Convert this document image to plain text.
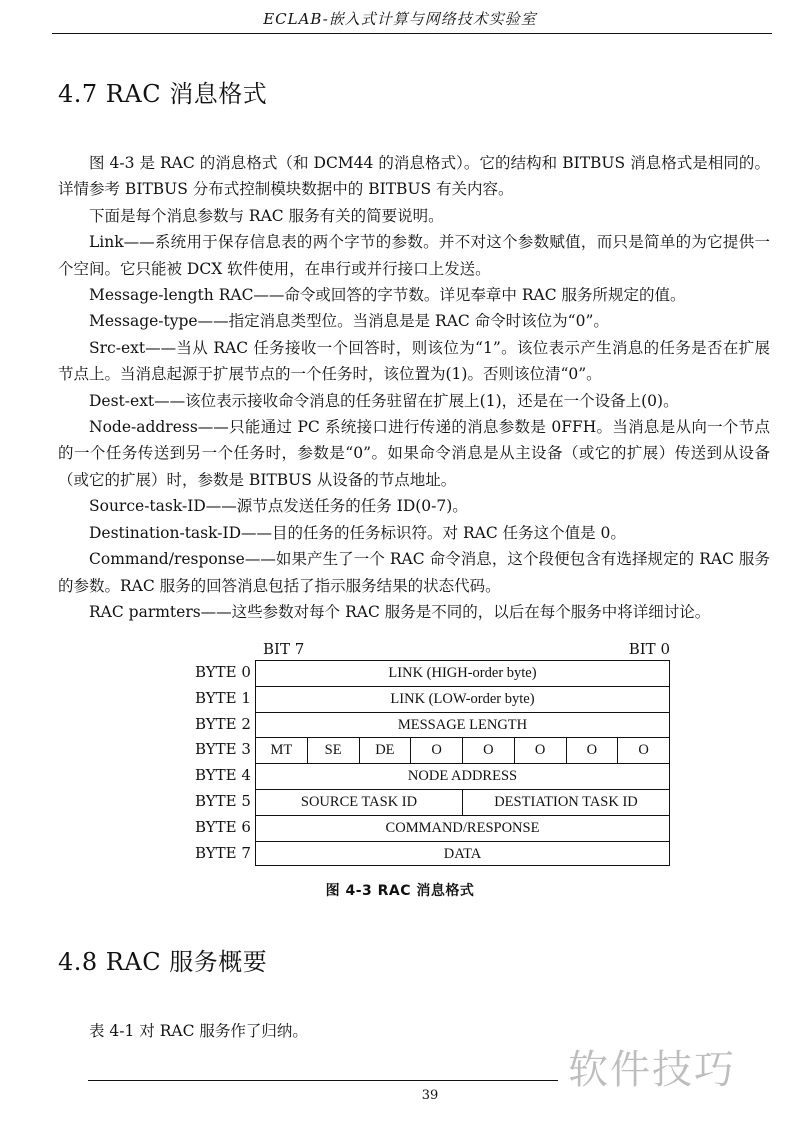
ECLAB-嵌入式计算与网络技术实验室
4.7 RAC 消息格式

图 4-3 是 RAC 的消息格式（和 DCM44 的消息格式）。它的结构和 BITBUS 消息格式是相同的。详情参考 BITBUS 分布式控制模块数据中的 BITBUS 有关内容。

下面是每个消息参数与 RAC 服务有关的简要说明。

Link——系统用于保存信息表的两个字节的参数。并不对这个参数赋值，而只是简单的为它提供一个空间。它只能被 DCX 软件使用，在串行或并行接口上发送。

Message-length RAC——命令或回答的字节数。详见奉章中 RAC 服务所规定的值。

Message-type——指定消息类型位。当消息是是 RAC 命令时该位为“0”。

Src-ext——当从 RAC 任务接收一个回答时，则该位为“1”。该位表示产生消息的任务是否在扩展节点上。当消息起源于扩展节点的一个任务时，该位置为(1)。否则该位清“0”。

Dest-ext——该位表示接收命令消息的任务驻留在扩展上(1)，还是在一个设备上(0)。

Node-address——只能通过 PC 系统接口进行传递的消息参数是 0FFH。当消息是从向一个节点的一个任务传送到另一个任务时，参数是“0”。如果命令消息是从主设备（或它的扩展）传送到从设备（或它的扩展）时，参数是 BITBUS 从设备的节点地址。

Source-task-ID——源节点发送任务的任务 ID(0-7)。

Destination-task-ID——目的任务的任务标识符。对 RAC 任务这个值是 0。

Command/response——如果产生了一个 RAC 命令消息，这个段便包含有选择规定的 RAC 服务的参数。RAC 服务的回答消息包括了指示服务结果的状态代码。

RAC parmters——这些参数对每个 RAC 服务是不同的，以后在每个服务中将详细讨论。

BIT 7	BIT 0
BYTE 0	LINK (HIGH-order byte)
BYTE 1	LINK (LOW-order byte)
BYTE 2	MESSAGE LENGTH
BYTE 3	MT	SE	DE	O	O	O	O	O
BYTE 4	NODE ADDRESS
BYTE 5	SOURCE TASK ID	DESTIATION TASK ID
BYTE 6	COMMAND/RESPONSE
BYTE 7	DATA
图 4-3 RAC 消息格式
4.8 RAC 服务概要

表 4-1 对 RAC 服务作了归纳。

软件技巧
39
